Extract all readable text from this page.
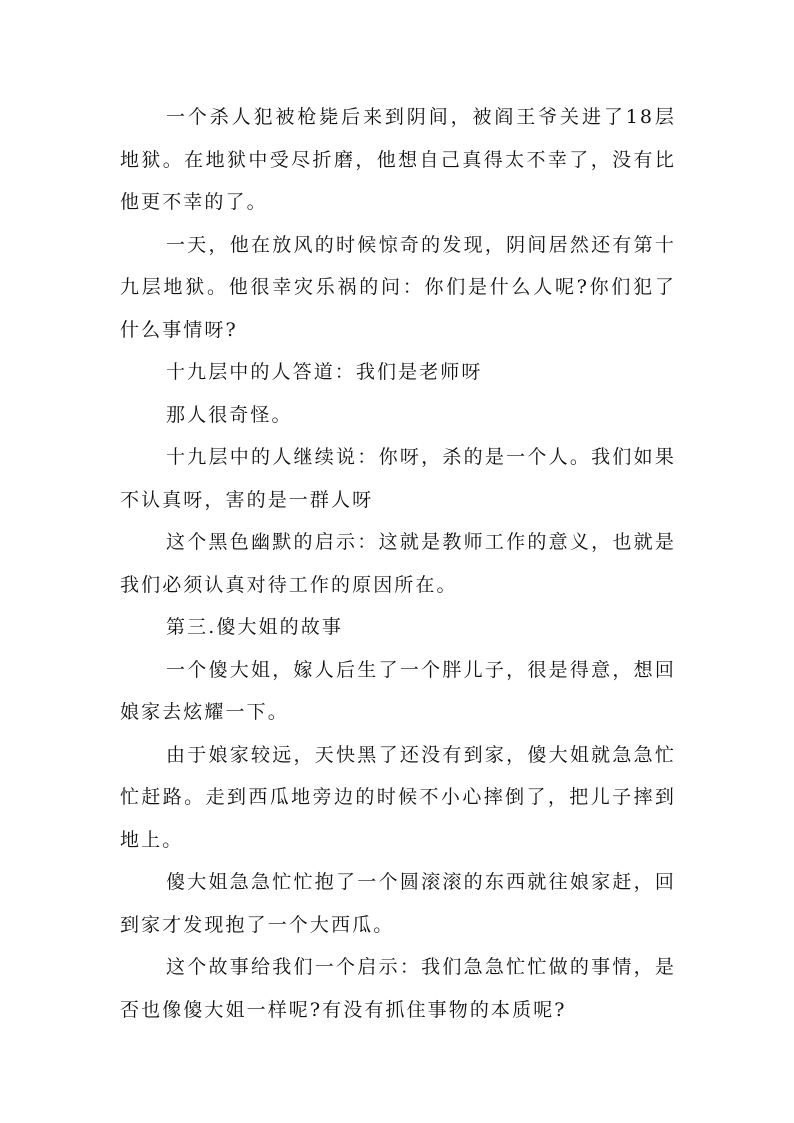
一个杀人犯被枪毙后来到阴间，被阎王爷关进了18层地狱。在地狱中受尽折磨，他想自己真得太不幸了，没有比他更不幸的了。

一天，他在放风的时候惊奇的发现，阴间居然还有第十九层地狱。他很幸灾乐祸的问：你们是什么人呢?你们犯了什么事情呀?

十九层中的人答道：我们是老师呀

那人很奇怪。

十九层中的人继续说：你呀，杀的是一个人。我们如果不认真呀，害的是一群人呀

这个黑色幽默的启示：这就是教师工作的意义，也就是我们必须认真对待工作的原因所在。

第三.傻大姐的故事

一个傻大姐，嫁人后生了一个胖儿子，很是得意，想回娘家去炫耀一下。

由于娘家较远，天快黑了还没有到家，傻大姐就急急忙忙赶路。走到西瓜地旁边的时候不小心摔倒了，把儿子摔到地上。

傻大姐急急忙忙抱了一个圆滚滚的东西就往娘家赶，回到家才发现抱了一个大西瓜。

这个故事给我们一个启示：我们急急忙忙做的事情，是否也像傻大姐一样呢?有没有抓住事物的本质呢?
